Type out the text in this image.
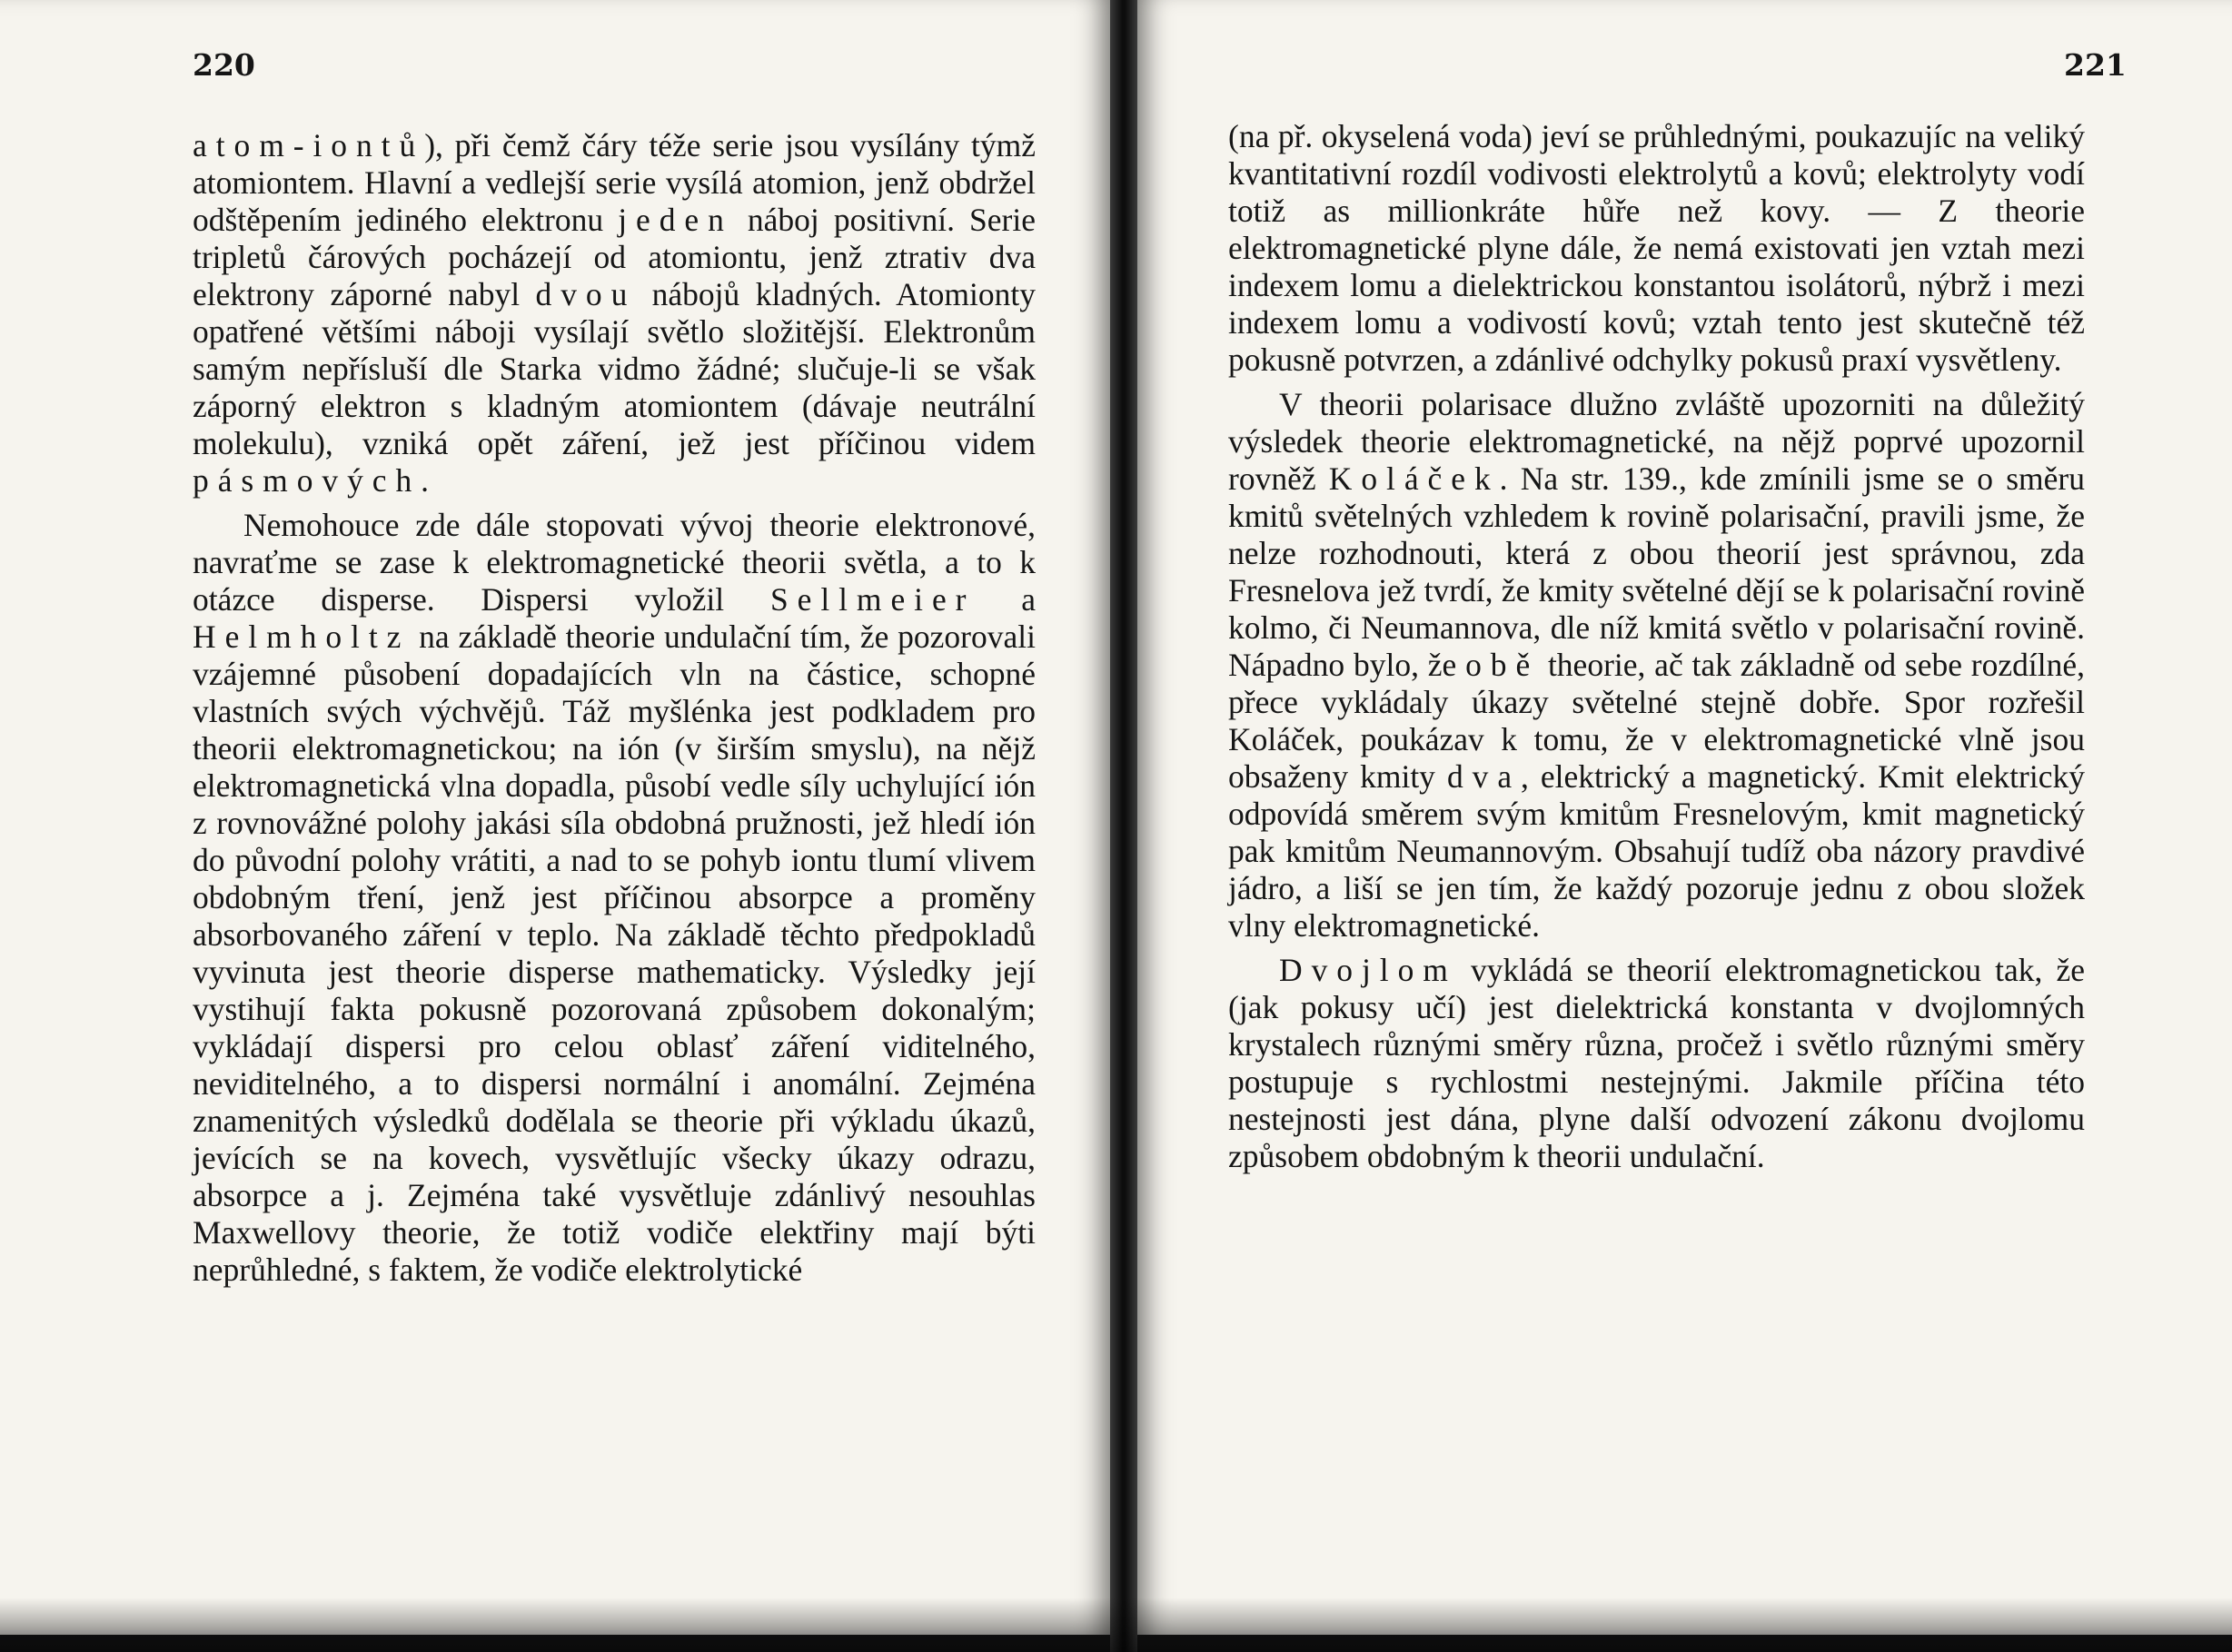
220

atom-iontů), při čemž čáry téže serie jsou vysílány týmž atomiontem. Hlavní a vedlejší serie vysílá atomion, jenž obdržel odštěpením jediného elektronu jeden náboj positivní. Serie tripletů čárových pocházejí od atomiontu, jenž ztrativ dva elektrony záporné nabyl dvou nábojů kladných. Atomionty opatřené většími náboji vysílají světlo složitější. Elektronům samým nepřísluší dle Starka vidmo žádné; slučuje-li se však záporný elektron s kladným atomiontem (dávaje neutrální molekulu), vzniká opět záření, jež jest příčinou videm pásmových.

Nemohouce zde dále stopovati vývoj theorie elektronové, navraťme se zase k elektromagnetické theorii světla, a to k otázce disperse. Dispersi vyložil Sellmeier a Helmholtz na základě theorie undulační tím, že pozorovali vzájemné působení dopadajících vln na částice, schopné vlastních svých výchvějů. Táž myšlénka jest podkladem pro theorii elektromagnetickou; na ión (v širším smyslu), na nějž elektromagnetická vlna dopadla, působí vedle síly uchylující ión z rovnovážné polohy jakási síla obdobná pružnosti, jež hledí ión do původní polohy vrátiti, a nad to se pohyb iontu tlumí vlivem obdobným tření, jenž jest příčinou absorpce a proměny absorbovaného záření v teplo. Na základě těchto předpokladů vyvinuta jest theorie disperse mathematicky. Výsledky její vystihují fakta pokusně pozorovaná způsobem dokonalým; vykládají dispersi pro celou oblasť záření viditelného, neviditelného, a to dispersi normální i anomální. Zejména znamenitých výsledků dodělala se theorie při výkladu úkazů, jevících se na kovech, vysvětlujíc všecky úkazy odrazu, absorpce a j. Zejména také vysvětluje zdánlivý nesouhlas Maxwellovy theorie, že totiž vodiče elektřiny mají býti neprůhledné, s faktem, že vodiče elektrolytické

221

(na př. okyselená voda) jeví se průhlednými, poukazujíc na veliký kvantitativní rozdíl vodivosti elektrolytů a kovů; elektrolyty vodí totiž as millionkráte hůře než kovy. — Z theorie elektromagnetické plyne dále, že nemá existovati jen vztah mezi indexem lomu a dielektrickou konstantou isolátorů, nýbrž i mezi indexem lomu a vodivostí kovů; vztah tento jest skutečně též pokusně potvrzen, a zdánlivé odchylky pokusů praxí vysvětleny.

V theorii polarisace dlužno zvláště upozorniti na důležitý výsledek theorie elektromagnetické, na nějž poprvé upozornil rovněž Koláček. Na str. 139., kde zmínili jsme se o směru kmitů světelných vzhledem k rovině polarisační, pravili jsme, že nelze rozhodnouti, která z obou theorií jest správnou, zda Fresnelova jež tvrdí, že kmity světelné dějí se k polarisační rovině kolmo, či Neumannova, dle níž kmitá světlo v polarisační rovině. Nápadno bylo, že obě theorie, ač tak základně od sebe rozdílné, přece vykládaly úkazy světelné stejně dobře. Spor rozřešil Koláček, poukázav k tomu, že v elektromagnetické vlně jsou obsaženy kmity dva, elektrický a magnetický. Kmit elektrický odpovídá směrem svým kmitům Fresnelovým, kmit magnetický pak kmitům Neumannovým. Obsahují tudíž oba názory pravdivé jádro, a liší se jen tím, že každý pozoruje jednu z obou složek vlny elektromagnetické.

Dvojlom vykládá se theorií elektromagnetickou tak, že (jak pokusy učí) jest dielektrická konstanta v dvojlomných krystalech různými směry různa, pročež i světlo různými směry postupuje s rychlostmi nestejnými. Jakmile příčina této nestejnosti jest dána, plyne další odvození zákonu dvojlomu způsobem obdobným k theorii undulační.
